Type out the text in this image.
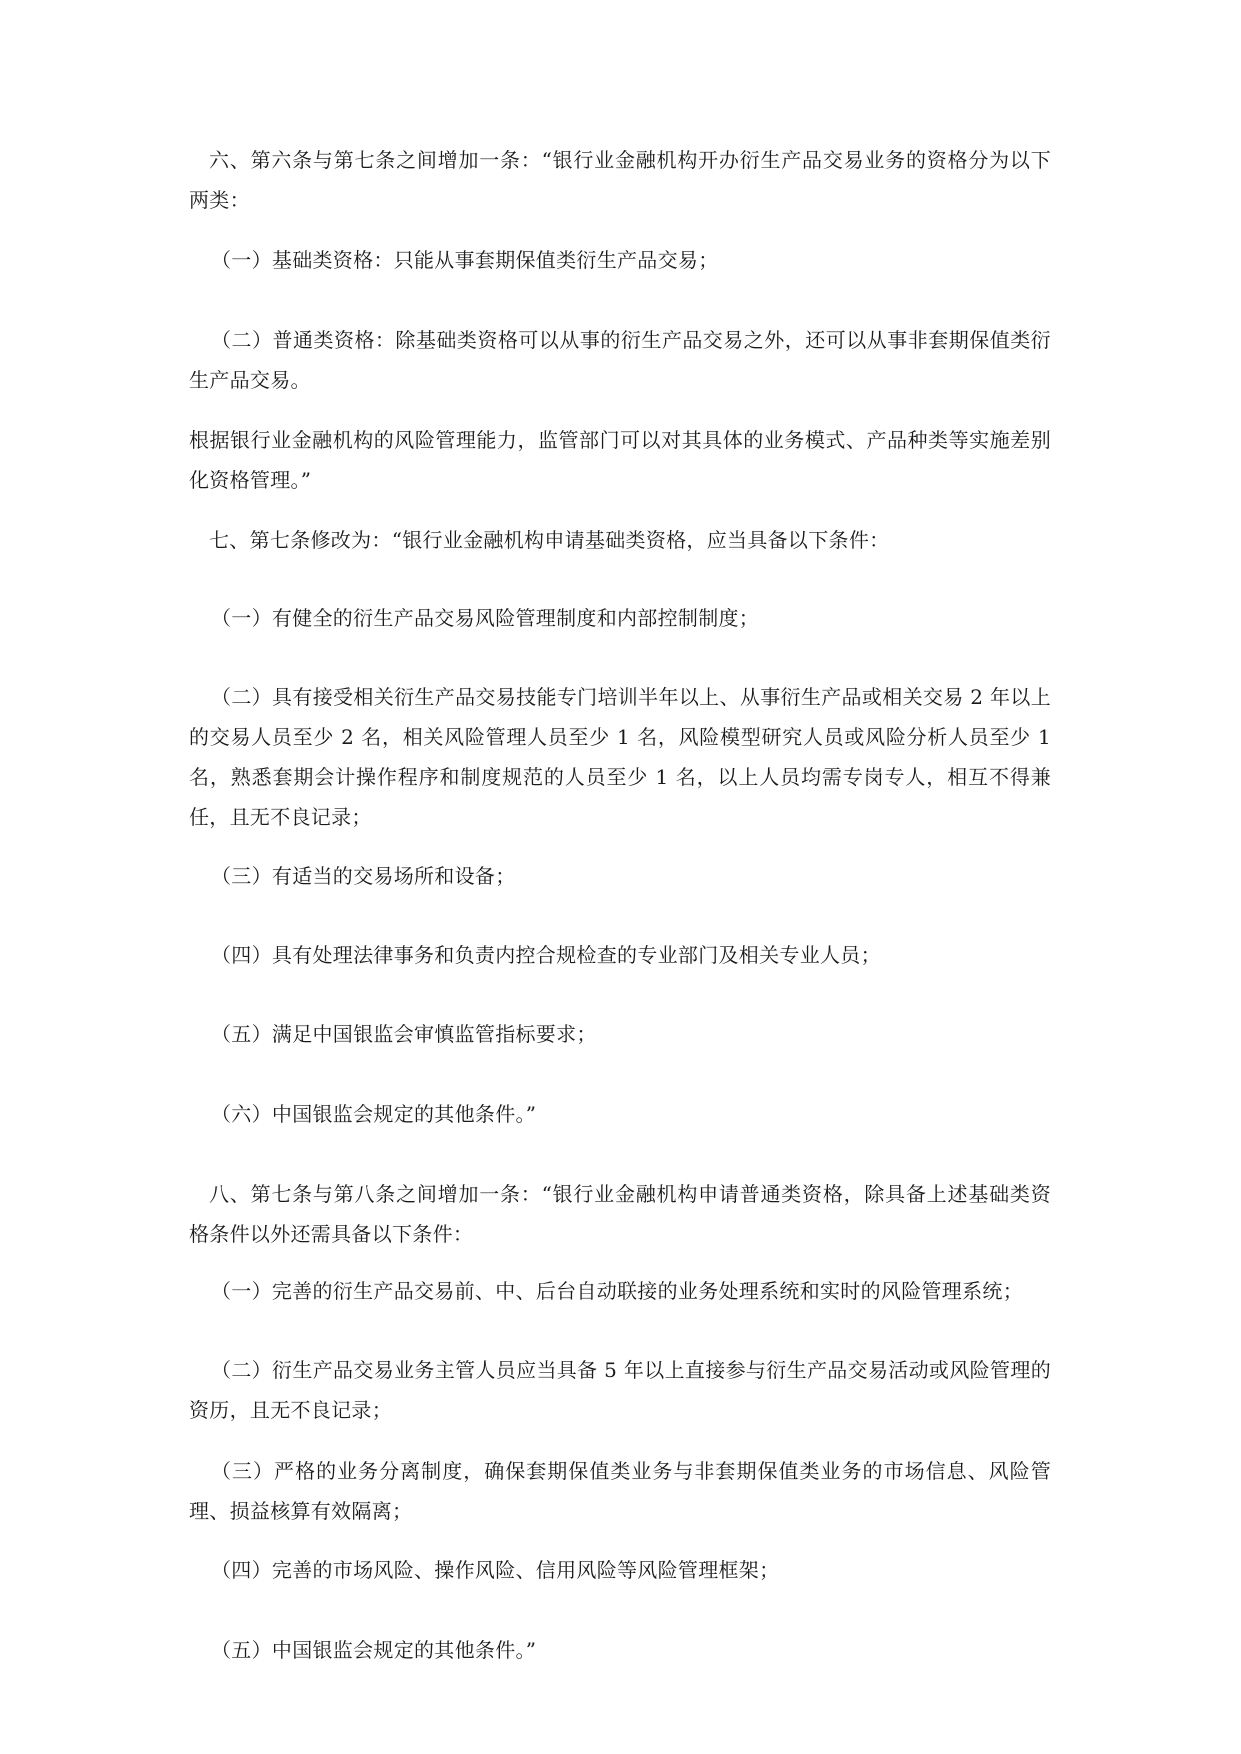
六、第六条与第七条之间增加一条：“银行业金融机构开办衍生产品交易业务的资格分为以下两类：

（一）基础类资格：只能从事套期保值类衍生产品交易；

（二）普通类资格：除基础类资格可以从事的衍生产品交易之外，还可以从事非套期保值类衍生产品交易。

根据银行业金融机构的风险管理能力，监管部门可以对其具体的业务模式、产品种类等实施差别化资格管理。”

七、第七条修改为：“银行业金融机构申请基础类资格，应当具备以下条件：

（一）有健全的衍生产品交易风险管理制度和内部控制制度；

（二）具有接受相关衍生产品交易技能专门培训半年以上、从事衍生产品或相关交易 2 年以上的交易人员至少 2 名，相关风险管理人员至少 1 名，风险模型研究人员或风险分析人员至少 1 名，熟悉套期会计操作程序和制度规范的人员至少 1 名，以上人员均需专岗专人，相互不得兼任，且无不良记录；

（三）有适当的交易场所和设备；

（四）具有处理法律事务和负责内控合规检查的专业部门及相关专业人员；

（五）满足中国银监会审慎监管指标要求；

（六）中国银监会规定的其他条件。”

八、第七条与第八条之间增加一条：“银行业金融机构申请普通类资格，除具备上述基础类资格条件以外还需具备以下条件：

（一）完善的衍生产品交易前、中、后台自动联接的业务处理系统和实时的风险管理系统；

（二）衍生产品交易业务主管人员应当具备 5 年以上直接参与衍生产品交易活动或风险管理的资历，且无不良记录；

（三）严格的业务分离制度，确保套期保值类业务与非套期保值类业务的市场信息、风险管理、损益核算有效隔离；

（四）完善的市场风险、操作风险、信用风险等风险管理框架；

（五）中国银监会规定的其他条件。”
